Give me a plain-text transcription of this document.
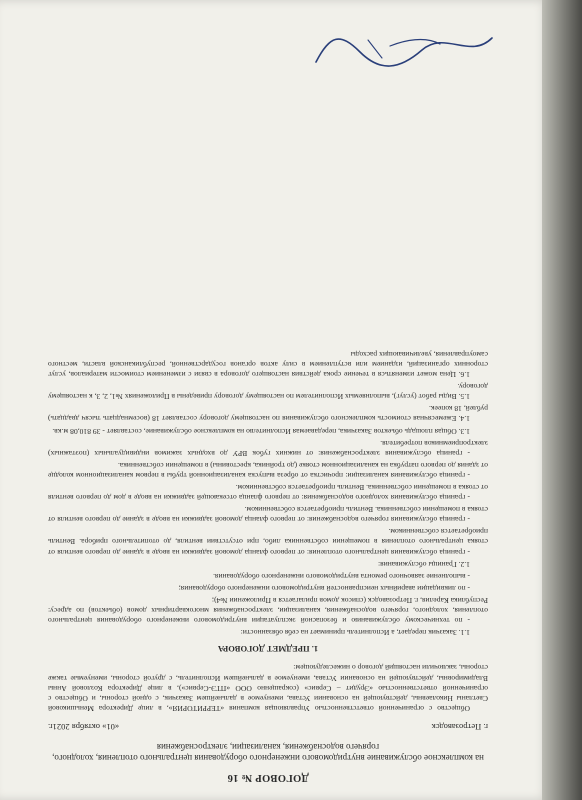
ДОГОВОР № 16
на комплексное обслуживание внутридомового инженерного оборудования центрального отопления, холодного, горячего водоснабжения, канализации, электроснабжения
г. Петрозаводск
«01» октября 2021г.

Общество с ограниченной ответственностью Управляющая компания «ТЕРРИТОРИЯ», в лице Директора Меньшиковой Светланы Николаевны, действующей на основании Устава, именуемое в дальнейшем Заказчик, с одной стороны, и Общество с ограниченной ответственностью «Эрудит – Сервис» (сокращенно ООО «ПТЭ-Сервис»), в лице Директора Козловой Анны Владимировны, действующей на основании Устава, именуемое в дальнейшем Исполнитель, с другой стороны, именуемые также стороны, заключили настоящий договор о нижеследующем:

1. ПРЕДМЕТ ДОГОВОРА

1.1. Заказчик передает, а Исполнитель принимает на себя обязанности:

- по техническому обслуживанию и безопасной эксплуатации внутридомового инженерного оборудования центрального отопления, холодного, горячего водоснабжения, канализации, электроснабжения многоквартирных домов (объектов) по адресу: Республика Карелия, г. Петрозаводск (список домов прилагается в Приложении №4);

- по ликвидации аварийных неисправностей внутридомового инженерного оборудования;

- выполнение заявочного ремонта внутридомового инженерного оборудования.

1.2. Границы обслуживания:

- граница обслуживания центрального отопления: от первого фланца домовой задвижки на вводе в здание до первого вентиля от стояка центрального отопления в помещении собственника либо, при отсутствии вентиля, до отопительного прибора. Вентиль приобретается собственником.

- граница обслуживания горячего водоснабжения: от первого фланца домовой задвижки на вводе в здание до первого вентиля от стояка в помещении собственника. Вентиль приобретается собственником.

- граница обслуживания холодного водоснабжения: от первого фланца отсекающей задвижки на вводе в дом до первого вентиля от стояка в помещении собственника. Вентиль приобретается собственником.

- граница обслуживания канализации: прочистка от обреза выпуска канализационной трубы в первом канализационном колодце от здания до первого патрубка на канализационном стояке (до тройника, крестовины) в помещении собственника.

- граница обслуживания электроснабжения: от нижних губок ВРУ до входных зажимов индивидуальных (поэтажных) электроприемников потребителя.

1.3. Общая площадь объектов Заказчика, передаваемая Исполнителю на комплексное обслуживание, составляет - 39 810,08 м.кв.

1.4. Ежемесячная стоимость комплексного обслуживания по настоящему договору составляет 18 (восемнадцать тысяч двадцать) рублей, 18 копеек.

1.5. Виды работ (услуг), выполняемых Исполнителем по настоящему договору приведены в Приложениях №1, 2, 3, к настоящему договору.

1.6. Цена может изменяться в течение срока действия настоящего договора в связи с изменением стоимости материалов, услуг сторонних организаций, изданием или вступлением в силу актов органов государственной, республиканской власти, местного самоуправления, увеличивающих расходы
